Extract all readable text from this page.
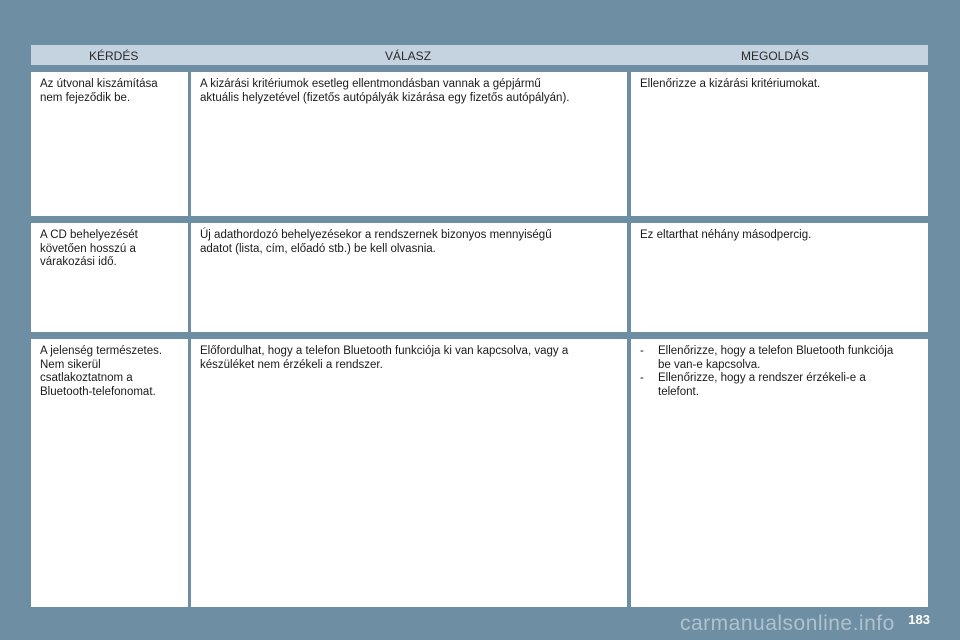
KÉRDÉS	VÁLASZ	MEGOLDÁS
Az útvonal kiszámítása
nem fejeződik be.
A kizárási kritériumok esetleg ellentmondásban vannak a gépjármű
aktuális helyzetével (fizetős autópályák kizárása egy fizetős autópályán).
Ellenőrizze a kizárási kritériumokat.
A CD behelyezését
követően hosszú a
várakozási idő.
Új adathordozó behelyezésekor a rendszernek bizonyos mennyiségű
adatot (lista, cím, előadó stb.) be kell olvasnia.
Ez eltarthat néhány másodpercig.
A jelenség természetes.
Nem sikerül
csatlakoztatnom a
Bluetooth-telefonomat.
Előfordulhat, hogy a telefon Bluetooth funkciója ki van kapcsolva, vagy a
készüléket nem érzékeli a rendszer.
- Ellenőrizze, hogy a telefon Bluetooth funkciója
be van-e kapcsolva.
- Ellenőrizze, hogy a rendszer érzékeli-e a
telefont.
carmanualsonline.info 183
